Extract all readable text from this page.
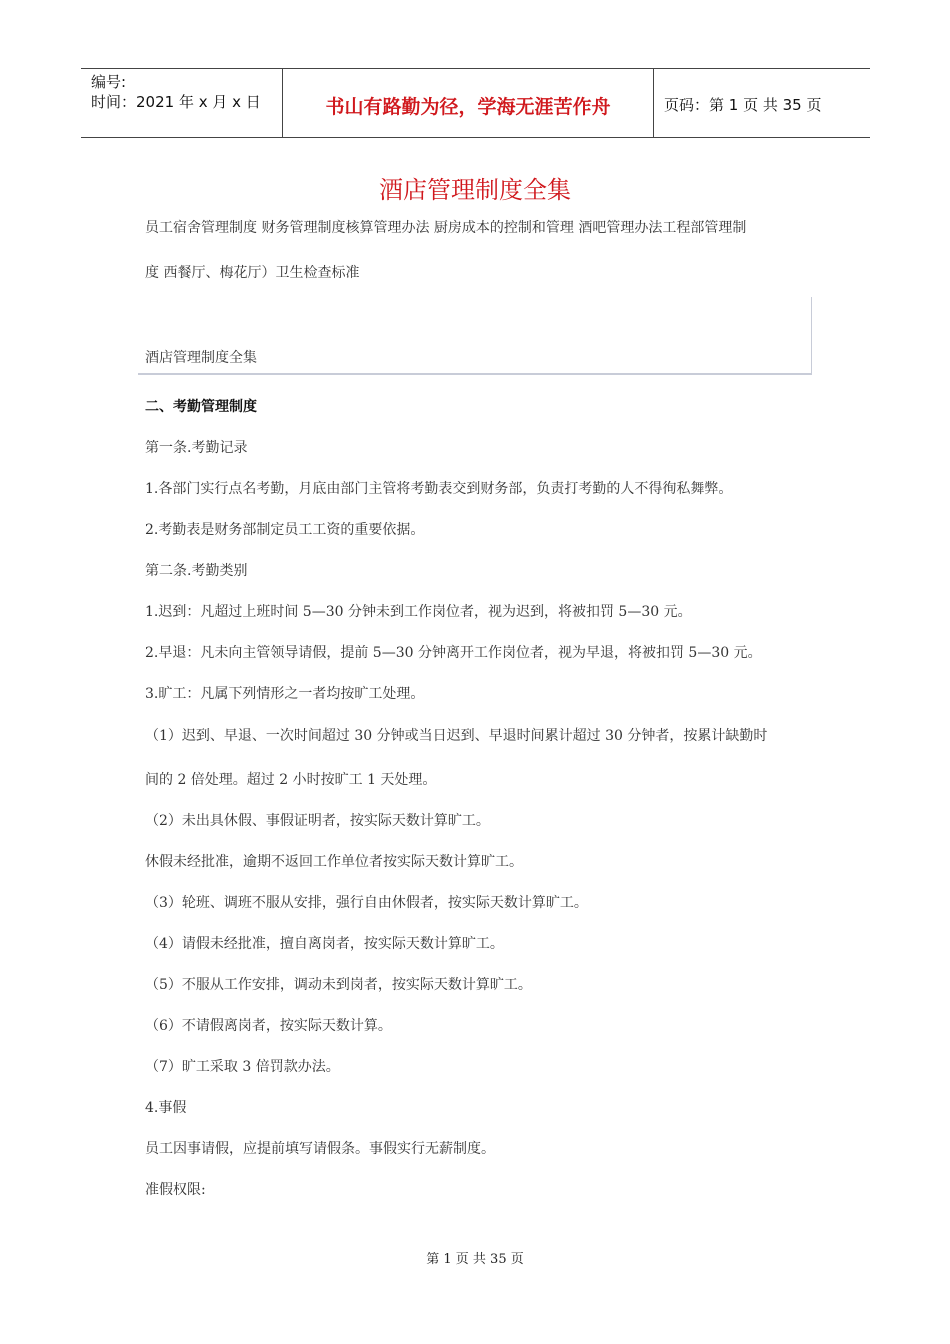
编号:
时间：2021 年 x 月 x 日	书山有路勤为径，学海无涯苦作舟	页码：第 1 页 共 35 页
酒店管理制度全集
员工宿舍管理制度 财务管理制度核算管理办法 厨房成本的控制和管理 酒吧管理办法工程部管理制
度 西餐厅、梅花厅）卫生检查标准
酒店管理制度全集
二、考勤管理制度
第一条.考勤记录
1.各部门实行点名考勤，月底由部门主管将考勤表交到财务部，负责打考勤的人不得徇私舞弊。
2.考勤表是财务部制定员工工资的重要依据。
第二条.考勤类别
1.迟到：凡超过上班时间 5—30 分钟未到工作岗位者，视为迟到，将被扣罚 5—30 元。
2.早退：凡未向主管领导请假，提前 5—30 分钟离开工作岗位者，视为早退，将被扣罚 5—30 元。
3.旷工：凡属下列情形之一者均按旷工处理。
（1）迟到、早退、一次时间超过 30 分钟或当日迟到、早退时间累计超过 30 分钟者，按累计缺勤时
间的 2 倍处理。超过 2 小时按旷工 1 天处理。
（2）未出具休假、事假证明者，按实际天数计算旷工。
休假未经批准，逾期不返回工作单位者按实际天数计算旷工。
（3）轮班、调班不服从安排，强行自由休假者，按实际天数计算旷工。
（4）请假未经批准，擅自离岗者，按实际天数计算旷工。
（5）不服从工作安排，调动未到岗者，按实际天数计算旷工。
（6）不请假离岗者，按实际天数计算。
（7）旷工采取 3 倍罚款办法。
4.事假
员工因事请假，应提前填写请假条。事假实行无薪制度。
准假权限:
第 1 页 共 35 页
